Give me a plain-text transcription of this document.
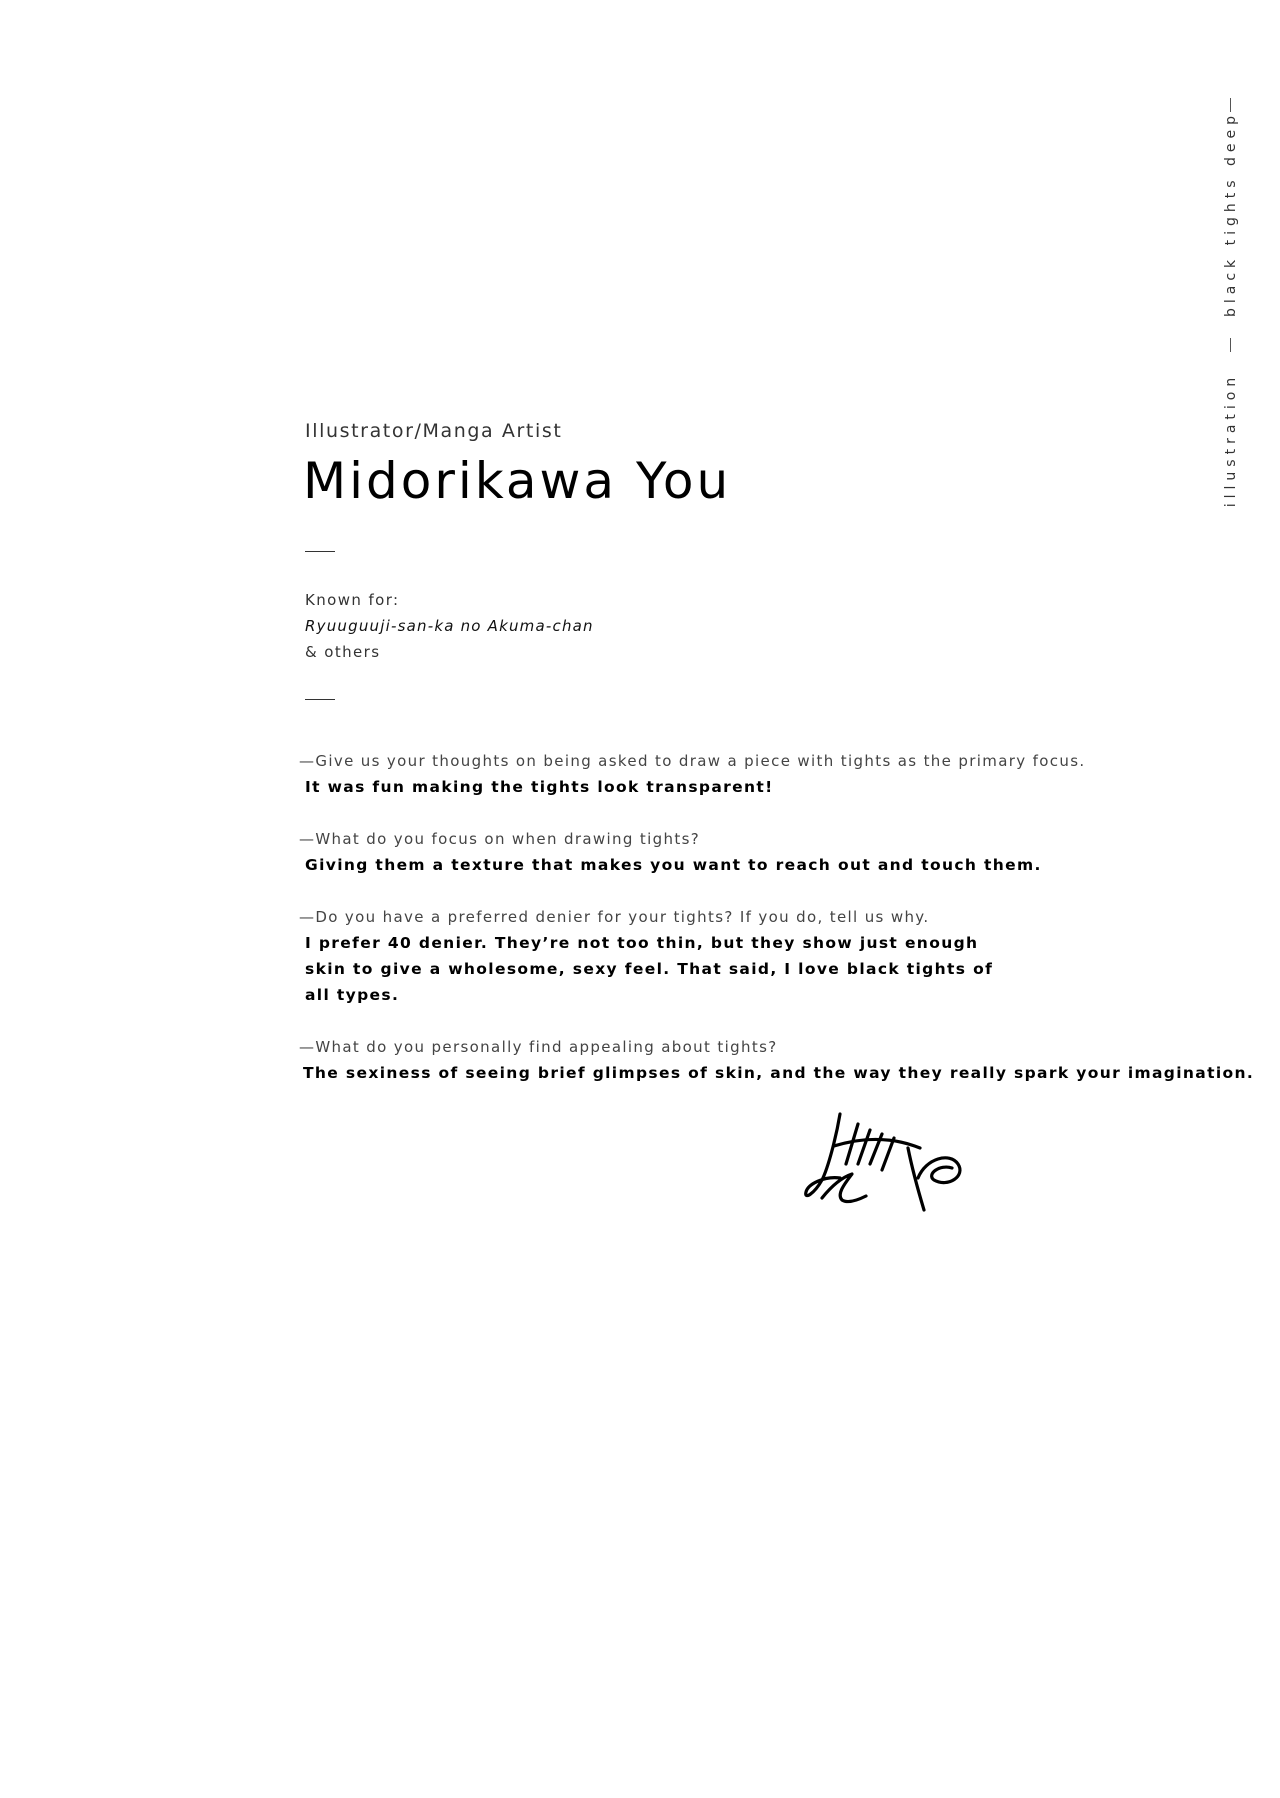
black tights deep
illustration
Illustrator/Manga Artist
Midorikawa You
Known for:
Ryuuguuji-san-ka no Akuma-chan
& others
—Give us your thoughts on being asked to draw a piece with tights as the primary focus.
It was fun making the tights look transparent!
—What do you focus on when drawing tights?
Giving them a texture that makes you want to reach out and touch them.
—Do you have a preferred denier for your tights? If you do, tell us why.
I prefer 40 denier. They’re not too thin, but they show just enough skin to give a wholesome, sexy feel. That said, I love black tights of all types.
—What do you personally find appealing about tights?
The sexiness of seeing brief glimpses of skin, and the way they really spark your imagination.
